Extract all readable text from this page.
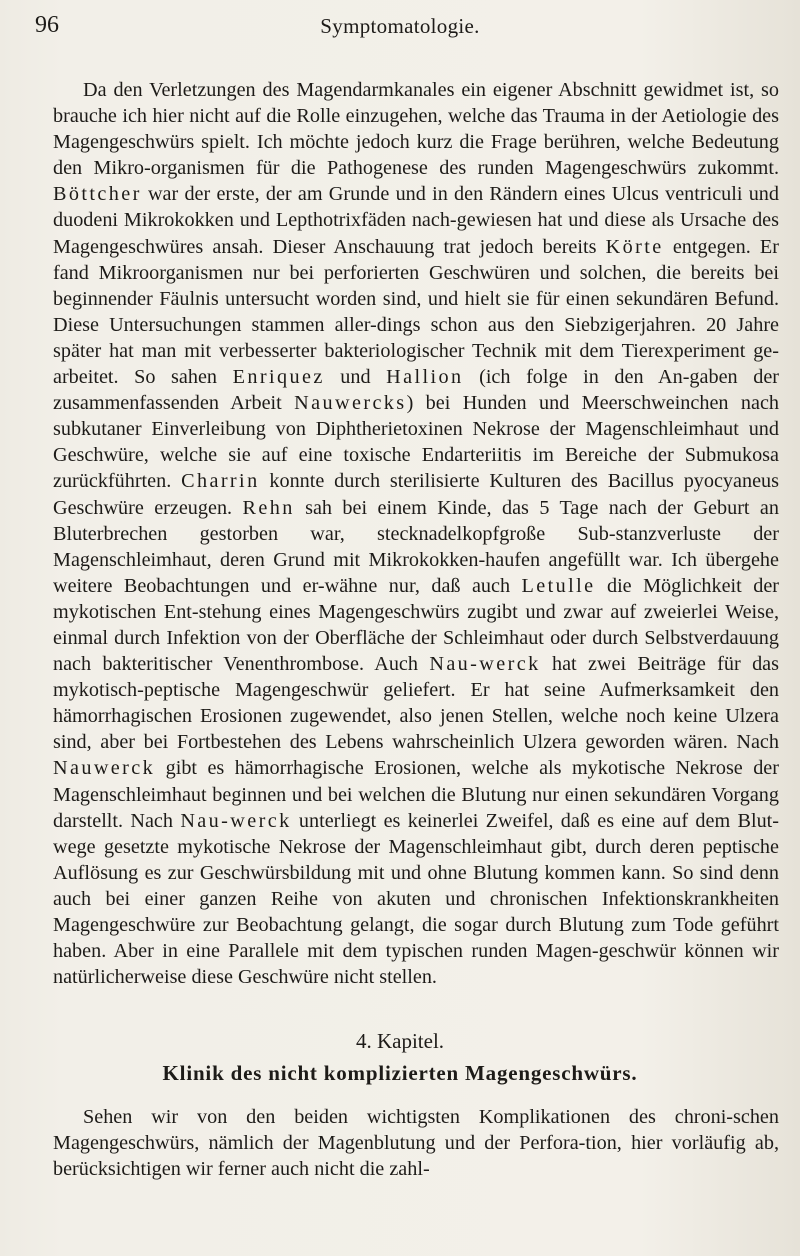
96	Symptomatologie.

Da den Verletzungen des Magendarmkanales ein eigener Abschnitt gewidmet ist, so brauche ich hier nicht auf die Rolle einzugehen, welche das Trauma in der Aetiologie des Magengeschwürs spielt. Ich möchte jedoch kurz die Frage berühren, welche Bedeutung den Mikro-organismen für die Pathogenese des runden Magengeschwürs zukommt. Böttcher war der erste, der am Grunde und in den Rändern eines Ulcus ventriculi und duodeni Mikrokokken und Lepthotrixfäden nach-gewiesen hat und diese als Ursache des Magengeschwüres ansah. Dieser Anschauung trat jedoch bereits Körte entgegen. Er fand Mikroorganismen nur bei perforierten Geschwüren und solchen, die bereits bei beginnender Fäulnis untersucht worden sind, und hielt sie für einen sekundären Befund. Diese Untersuchungen stammen aller-dings schon aus den Siebzigerjahren. 20 Jahre später hat man mit verbesserter bakteriologischer Technik mit dem Tierexperiment ge-arbeitet. So sahen Enriquez und Hallion (ich folge in den An-gaben der zusammenfassenden Arbeit Nauwercks) bei Hunden und Meerschweinchen nach subkutaner Einverleibung von Diphtherietoxinen Nekrose der Magenschleimhaut und Geschwüre, welche sie auf eine toxische Endarteriitis im Bereiche der Submukosa zurückführten. Charrin konnte durch sterilisierte Kulturen des Bacillus pyocyaneus Geschwüre erzeugen. Rehn sah bei einem Kinde, das 5 Tage nach der Geburt an Bluterbrechen gestorben war, stecknadelkopfgroße Sub-stanzverluste der Magenschleimhaut, deren Grund mit Mikrokokken-haufen angefüllt war. Ich übergehe weitere Beobachtungen und er-wähne nur, daß auch Letulle die Möglichkeit der mykotischen Ent-stehung eines Magengeschwürs zugibt und zwar auf zweierlei Weise, einmal durch Infektion von der Oberfläche der Schleimhaut oder durch Selbstverdauung nach bakteritischer Venenthrombose. Auch Nau-werck hat zwei Beiträge für das mykotisch-peptische Magengeschwür geliefert. Er hat seine Aufmerksamkeit den hämorrhagischen Erosionen zugewendet, also jenen Stellen, welche noch keine Ulzera sind, aber bei Fortbestehen des Lebens wahrscheinlich Ulzera geworden wären. Nach Nauwerck gibt es hämorrhagische Erosionen, welche als mykotische Nekrose der Magenschleimhaut beginnen und bei welchen die Blutung nur einen sekundären Vorgang darstellt. Nach Nau-werck unterliegt es keinerlei Zweifel, daß es eine auf dem Blut-wege gesetzte mykotische Nekrose der Magenschleimhaut gibt, durch deren peptische Auflösung es zur Geschwürsbildung mit und ohne Blutung kommen kann. So sind denn auch bei einer ganzen Reihe von akuten und chronischen Infektionskrankheiten Magengeschwüre zur Beobachtung gelangt, die sogar durch Blutung zum Tode geführt haben. Aber in eine Parallele mit dem typischen runden Magen-geschwür können wir natürlicherweise diese Geschwüre nicht stellen.

4. Kapitel.
Klinik des nicht komplizierten Magengeschwürs.

Sehen wir von den beiden wichtigsten Komplikationen des chroni-schen Magengeschwürs, nämlich der Magenblutung und der Perfora-tion, hier vorläufig ab, berücksichtigen wir ferner auch nicht die zahl-
